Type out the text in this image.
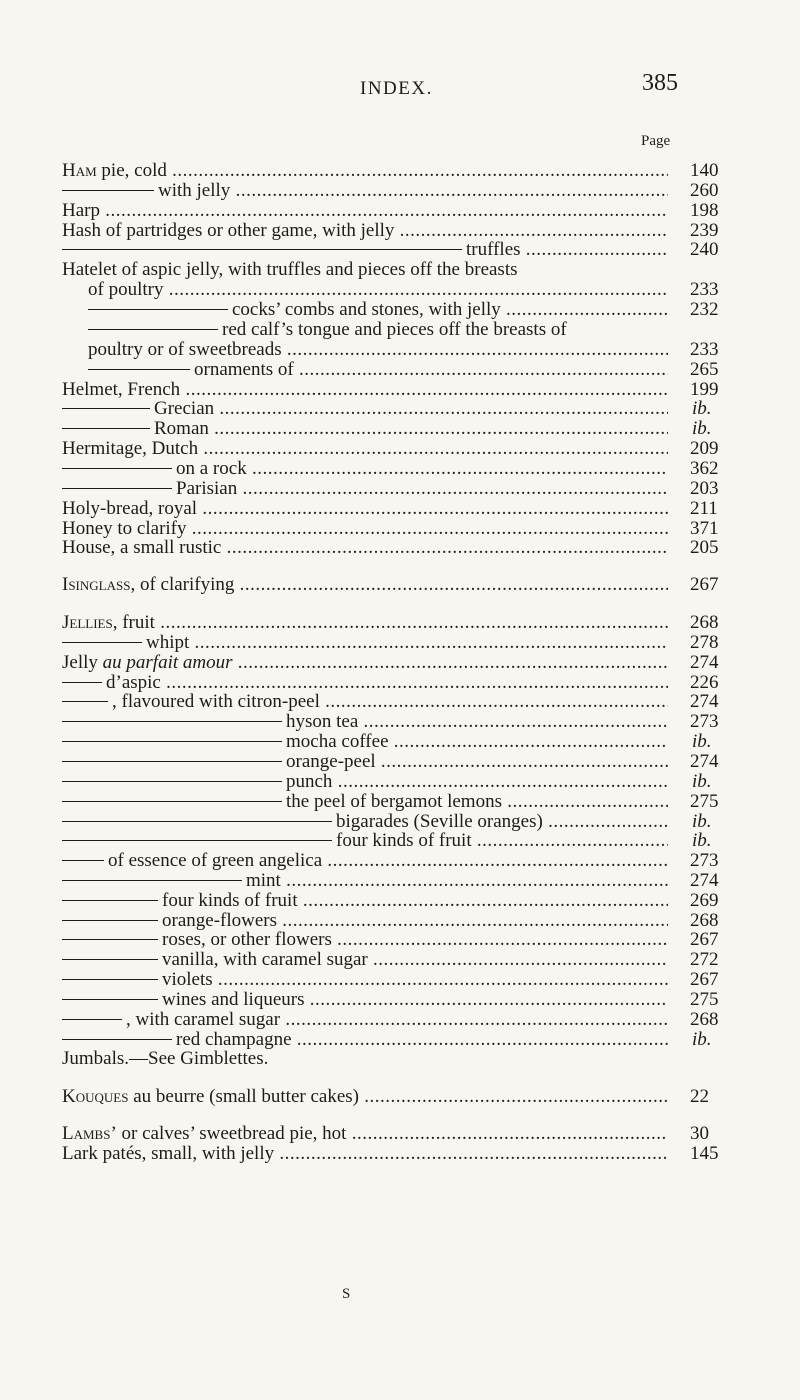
INDEX.	385
Page
Ham pie, cold .....	140
with jelly .....	260
Harp .....	198
Hash of partridges or other game, with jelly .....	239
truffles .....	240
Hatelet of aspic jelly, with truffles and pieces off the breasts
of poultry .....	233
cocks’ combs and stones, with jelly .....	232
red calf’s tongue and pieces off the breasts of
poultry or of sweetbreads .....	233
ornaments of .....	265
Helmet, French .....	199
Grecian .....	ib.
Roman .....	ib.
Hermitage, Dutch .....	209
on a rock .....	362
Parisian .....	203
Holy-bread, royal .....	211
Honey to clarify .....	371
House, a small rustic .....	205
Isinglass, of clarifying .....	267
Jellies, fruit .....	268
whipt .....	278
Jelly au parfait amour .....	274
d’aspic .....	226
, flavoured with citron-peel .....	274
hyson tea .....	273
mocha coffee .....	ib.
orange-peel .....	274
punch .....	ib.
the peel of bergamot lemons .....	275
bigarades (Seville oranges) .....	ib.
four kinds of fruit .....	ib.
of essence of green angelica .....	273
mint .....	274
four kinds of fruit .....	269
orange-flowers .....	268
roses, or other flowers .....	267
vanilla, with caramel sugar .....	272
violets .....	267
wines and liqueurs .....	275
, with caramel sugar .....	268
red champagne .....	ib.
Jumbals.—See Gimblettes.
Kouques au beurre (small butter cakes) .....	22
Lambs’ or calves’ sweetbread pie, hot .....	30
Lark patés, small, with jelly .....	145
S
